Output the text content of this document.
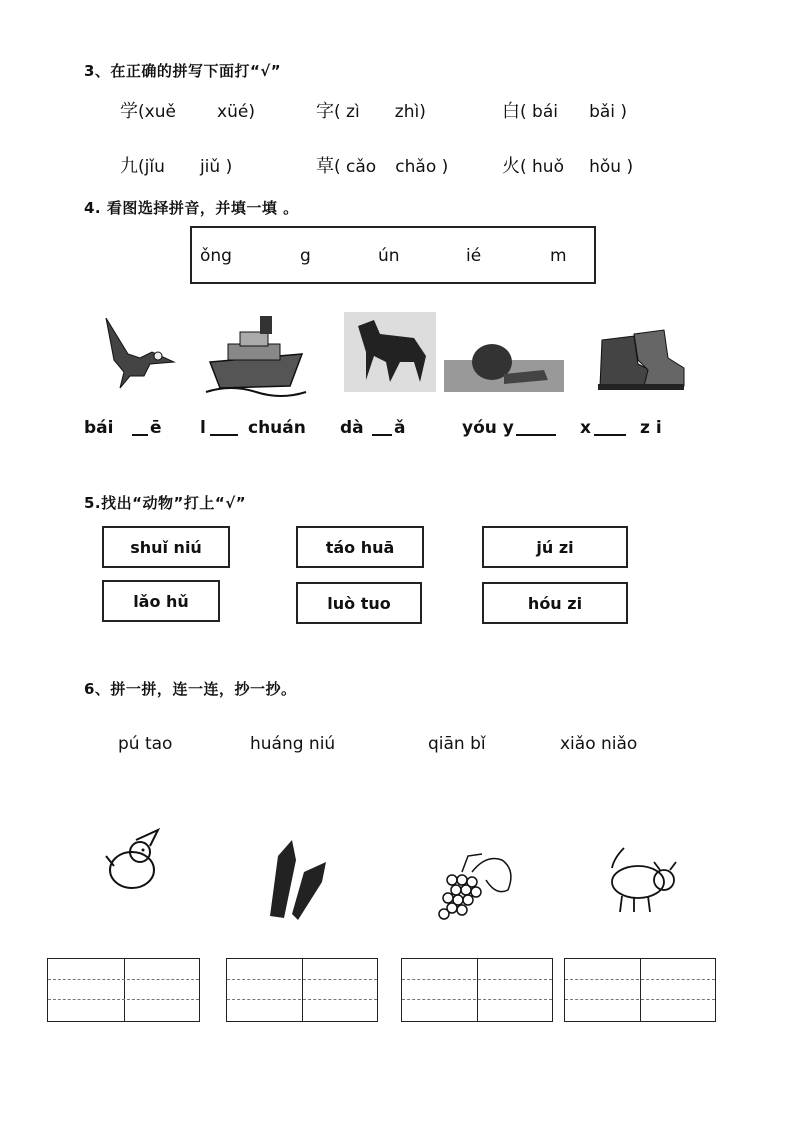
3、在正确的拼写下面打“√”
学(xuě xüé)	字( zì zhì)	白( bái bǎi )
九(jǐu jiǔ )	草( cǎo chǎo )	火( huǒ hǒu )
4. 看图选择拼音，并填一填 。
ǒng	g	ún	ié	m
bái ē l chuán dà ǎ	yóu y	x	zi
5.找出“动物”打上“√”
shuǐ niú	táo huā	jú zi
lǎo hǔ	luò tuo	hóu zi
6、拼一拼，连一连，抄一抄。
pú tao	huáng niú	qiān bǐ	xiǎo niǎo
